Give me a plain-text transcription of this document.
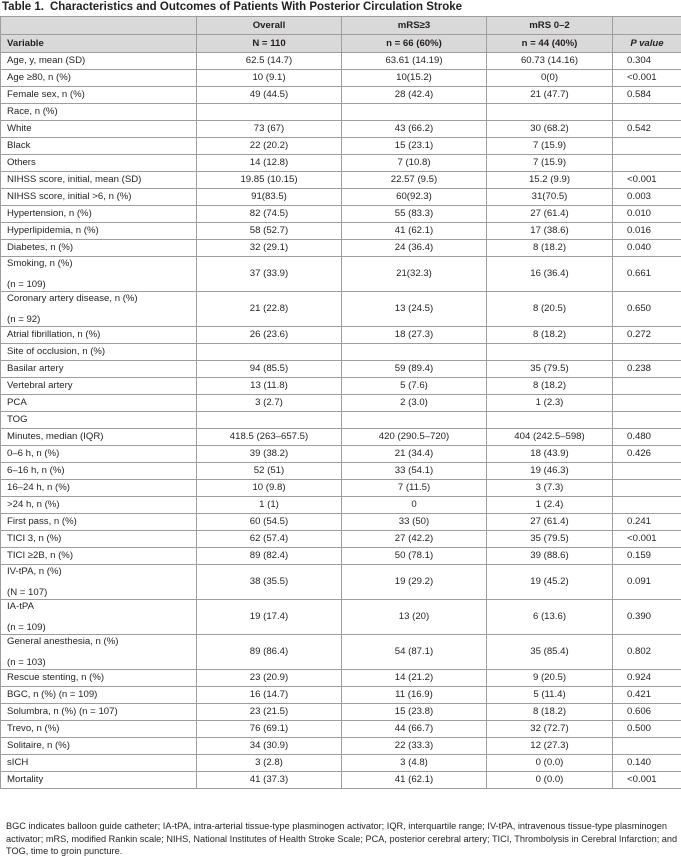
Table 1. Characteristics and Outcomes of Patients With Posterior Circulation Stroke
	Overall	mRS≥3	mRS 0–2	
Variable	N = 110	n = 66 (60%)	n = 44 (40%)	P value
Age, y, mean (SD)	62.5 (14.7)	63.61 (14.19)	60.73 (14.16)	0.304
Age ≥80, n (%)	10 (9.1)	10(15.2)	0(0)	<0.001
Female sex, n (%)	49 (44.5)	28 (42.4)	21 (47.7)	0.584
Race, n (%)				
White	73 (67)	43 (66.2)	30 (68.2)	0.542
Black	22 (20.2)	15 (23.1)	7 (15.9)	
Others	14 (12.8)	7 (10.8)	7 (15.9)	
NIHSS score, initial, mean (SD)	19.85 (10.15)	22.57 (9.5)	15.2 (9.9)	<0.001
NIHSS score, initial >6, n (%)	91(83.5)	60(92.3)	31(70.5)	0.003
Hypertension, n (%)	82 (74.5)	55 (83.3)	27 (61.4)	0.010
Hyperlipidemia, n (%)	58 (52.7)	41 (62.1)	17 (38.6)	0.016
Diabetes, n (%)	32 (29.1)	24 (36.4)	8 (18.2)	0.040
Smoking, n (%)
(n = 109)	37 (33.9)	21(32.3)	16 (36.4)	0.661
Coronary artery disease, n (%)
(n = 92)	21 (22.8)	13 (24.5)	8 (20.5)	0.650
Atrial fibrillation, n (%)	26 (23.6)	18 (27.3)	8 (18.2)	0.272
Site of occlusion, n (%)				
Basilar artery	94 (85.5)	59 (89.4)	35 (79.5)	0.238
Vertebral artery	13 (11.8)	5 (7.6)	8 (18.2)	
PCA	3 (2.7)	2 (3.0)	1 (2.3)	
TOG				
Minutes, median (IQR)	418.5 (263–657.5)	420 (290.5–720)	404 (242.5–598)	0.480
0–6 h, n (%)	39 (38.2)	21 (34.4)	18 (43.9)	0.426
6–16 h, n (%)	52 (51)	33 (54.1)	19 (46.3)	
16–24 h, n (%)	10 (9.8)	7 (11.5)	3 (7.3)	
>24 h, n (%)	1 (1)	0	1 (2.4)	
First pass, n (%)	60 (54.5)	33 (50)	27 (61.4)	0.241
TICI 3, n (%)	62 (57.4)	27 (42.2)	35 (79.5)	<0.001
TICI ≥2B, n (%)	89 (82.4)	50 (78.1)	39 (88.6)	0.159
IV-tPA, n (%)
(N = 107)	38 (35.5)	19 (29.2)	19 (45.2)	0.091
IA-tPA
(n = 109)	19 (17.4)	13 (20)	6 (13.6)	0.390
General anesthesia, n (%)
(n = 103)	89 (86.4)	54 (87.1)	35 (85.4)	0.802
Rescue stenting, n (%)	23 (20.9)	14 (21.2)	9 (20.5)	0.924
BGC, n (%) (n = 109)	16 (14.7)	11 (16.9)	5 (11.4)	0.421
Solumbra, n (%) (n = 107)	23 (21.5)	15 (23.8)	8 (18.2)	0.606
Trevo, n (%)	76 (69.1)	44 (66.7)	32 (72.7)	0.500
Solitaire, n (%)	34 (30.9)	22 (33.3)	12 (27.3)	
sICH	3 (2.8)	3 (4.8)	0 (0.0)	0.140
Mortality	41 (37.3)	41 (62.1)	0 (0.0)	<0.001
BGC indicates balloon guide catheter; IA-tPA, intra-arterial tissue-type plasminogen activator; IQR, interquartile range; IV-tPA, intravenous tissue-type plasminogen activator; mRS, modified Rankin scale; NIHS, National Institutes of Health Stroke Scale; PCA, posterior cerebral artery; TICI, Thrombolysis in Cerebral Infarction; and TOG, time to groin puncture.
